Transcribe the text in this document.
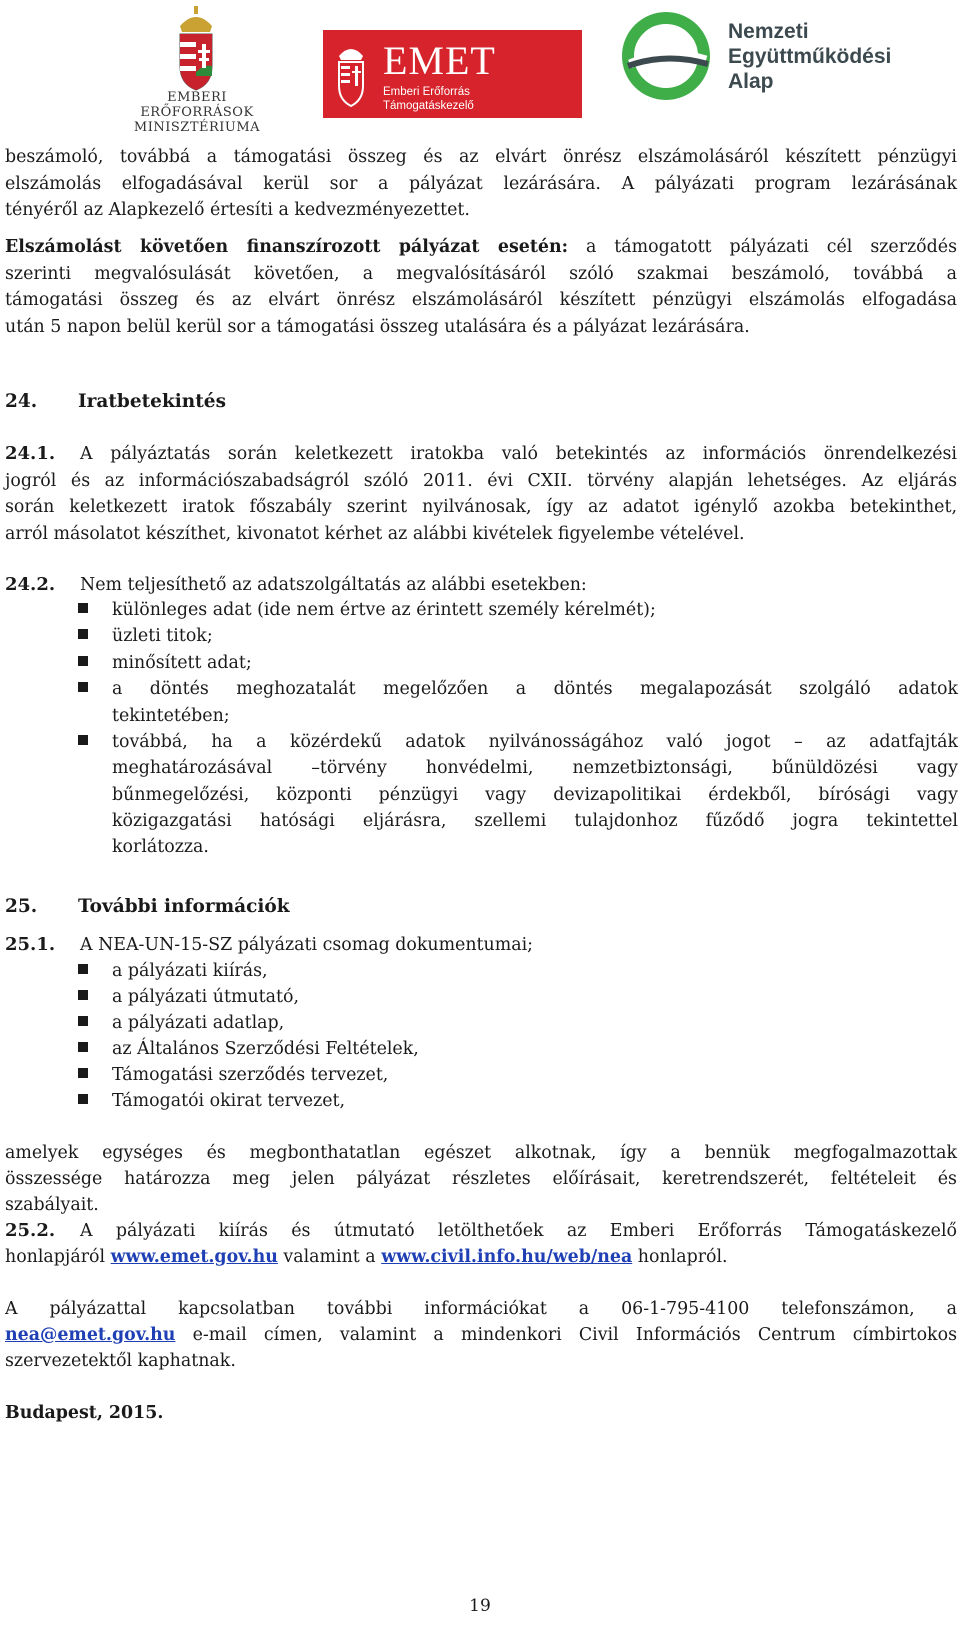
EMBERI ERŐFORRÁSOK
MINISZTÉRIUMA
EMET
Emberi Erőforrás
Támogatáskezelő
Nemzeti
Együttműködési
Alap
beszámoló, továbbá a támogatási összeg és az elvárt önrész elszámolásáról készített pénzügyi
elszámolás elfogadásával kerül sor a pályázat lezárására. A pályázati program lezárásának
tényéről az Alapkezelő értesíti a kedvezményezettet.
Elszámolást követően finanszírozott pályázat esetén: a támogatott pályázati cél szerződés
szerinti megvalósulását követően, a megvalósításáról szóló szakmai beszámoló, továbbá a
támogatási összeg és az elvárt önrész elszámolásáról készített pénzügyi elszámolás elfogadása
után 5 napon belül kerül sor a támogatási összeg utalására és a pályázat lezárására.
24. Iratbetekintés
24.1. A pályáztatás során keletkezett iratokba való betekintés az információs önrendelkezési
jogról és az információszabadságról szóló 2011. évi CXII. törvény alapján lehetséges. Az eljárás
során keletkezett iratok főszabály szerint nyilvánosak, így az adatot igénylő azokba betekinthet,
arról másolatot készíthet, kivonatot kérhet az alábbi kivételek figyelembe vételével.
24.2. Nem teljesíthető az adatszolgáltatás az alábbi esetekben:
különleges adat (ide nem értve az érintett személy kérelmét);
üzleti titok;
minősített adat;
a döntés meghozatalát megelőzően a döntés megalapozását szolgáló adatok
tekintetében;
továbbá, ha a közérdekű adatok nyilvánosságához való jogot – az adatfajták
meghatározásával –törvény honvédelmi, nemzetbiztonsági, bűnüldözési vagy
bűnmegelőzési, központi pénzügyi vagy devizapolitikai érdekből, bírósági vagy
közigazgatási hatósági eljárásra, szellemi tulajdonhoz fűződő jogra tekintettel
korlátozza.
25. További információk
25.1. A NEA-UN-15-SZ pályázati csomag dokumentumai;
a pályázati kiírás,
a pályázati útmutató,
a pályázati adatlap,
az Általános Szerződési Feltételek,
Támogatási szerződés tervezet,
Támogatói okirat tervezet,
amelyek egységes és megbonthatatlan egészet alkotnak, így a bennük megfogalmazottak
összessége határozza meg jelen pályázat részletes előírásait, keretrendszerét, feltételeit és
szabályait.
25.2. A pályázati kiírás és útmutató letölthetőek az Emberi Erőforrás Támogatáskezelő
honlapjáról www.emet.gov.hu valamint a www.civil.info.hu/web/nea honlapról.
A pályázattal kapcsolatban további információkat a 06-1-795-4100 telefonszámon, a
nea@emet.gov.hu e-mail címen, valamint a mindenkori Civil Információs Centrum címbirtokos
szervezetektől kaphatnak.
Budapest, 2015.
19
